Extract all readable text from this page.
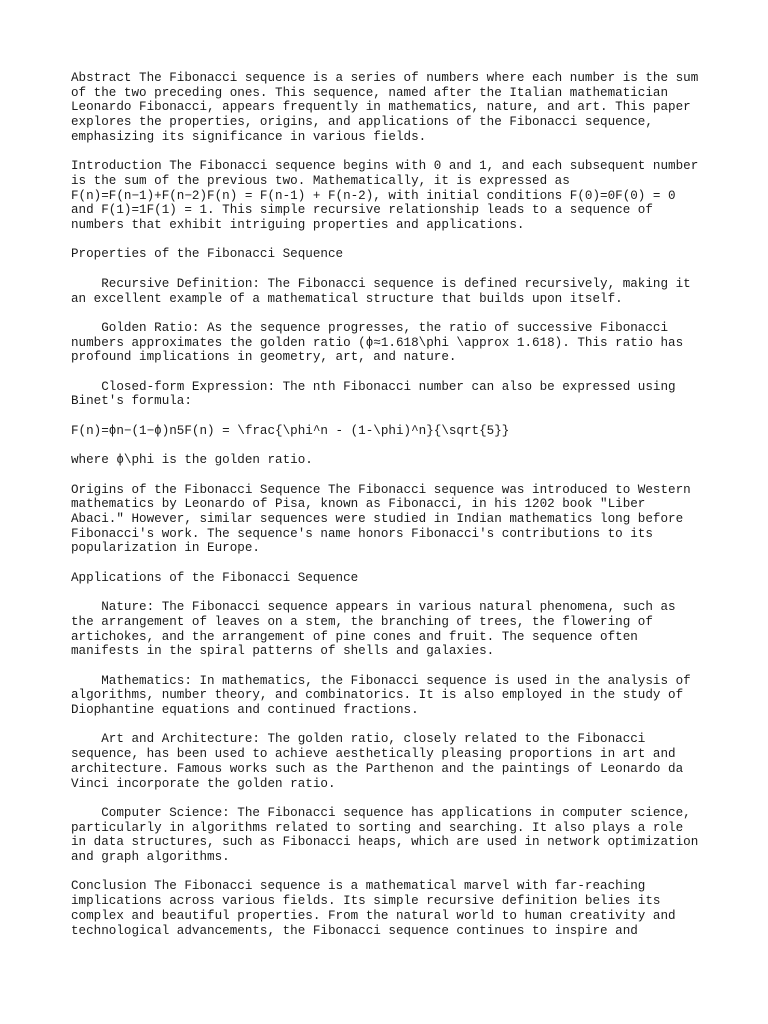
Abstract The Fibonacci sequence is a series of numbers where each number is the sum
of the two preceding ones. This sequence, named after the Italian mathematician
Leonardo Fibonacci, appears frequently in mathematics, nature, and art. This paper
explores the properties, origins, and applications of the Fibonacci sequence,
emphasizing its significance in various fields.
Introduction The Fibonacci sequence begins with 0 and 1, and each subsequent number
is the sum of the previous two. Mathematically, it is expressed as
F(n)=F(n−1)+F(n−2)F(n) = F(n-1) + F(n-2), with initial conditions F(0)=0F(0) = 0
and F(1)=1F(1) = 1. This simple recursive relationship leads to a sequence of
numbers that exhibit intriguing properties and applications.
Properties of the Fibonacci Sequence
Recursive Definition: The Fibonacci sequence is defined recursively, making it
an excellent example of a mathematical structure that builds upon itself.
Golden Ratio: As the sequence progresses, the ratio of successive Fibonacci
numbers approximates the golden ratio (ϕ≈1.618\phi \approx 1.618). This ratio has
profound implications in geometry, art, and nature.
Closed-form Expression: The nth Fibonacci number can also be expressed using
Binet's formula:
F(n)=ϕn−(1−ϕ)n5F(n) = \frac{\phi^n - (1-\phi)^n}{\sqrt{5}}
where ϕ\phi is the golden ratio.
Origins of the Fibonacci Sequence The Fibonacci sequence was introduced to Western
mathematics by Leonardo of Pisa, known as Fibonacci, in his 1202 book "Liber
Abaci." However, similar sequences were studied in Indian mathematics long before
Fibonacci's work. The sequence's name honors Fibonacci's contributions to its
popularization in Europe.
Applications of the Fibonacci Sequence
Nature: The Fibonacci sequence appears in various natural phenomena, such as
the arrangement of leaves on a stem, the branching of trees, the flowering of
artichokes, and the arrangement of pine cones and fruit. The sequence often
manifests in the spiral patterns of shells and galaxies.
Mathematics: In mathematics, the Fibonacci sequence is used in the analysis of
algorithms, number theory, and combinatorics. It is also employed in the study of
Diophantine equations and continued fractions.
Art and Architecture: The golden ratio, closely related to the Fibonacci
sequence, has been used to achieve aesthetically pleasing proportions in art and
architecture. Famous works such as the Parthenon and the paintings of Leonardo da
Vinci incorporate the golden ratio.
Computer Science: The Fibonacci sequence has applications in computer science,
particularly in algorithms related to sorting and searching. It also plays a role
in data structures, such as Fibonacci heaps, which are used in network optimization
and graph algorithms.
Conclusion The Fibonacci sequence is a mathematical marvel with far-reaching
implications across various fields. Its simple recursive definition belies its
complex and beautiful properties. From the natural world to human creativity and
technological advancements, the Fibonacci sequence continues to inspire and
